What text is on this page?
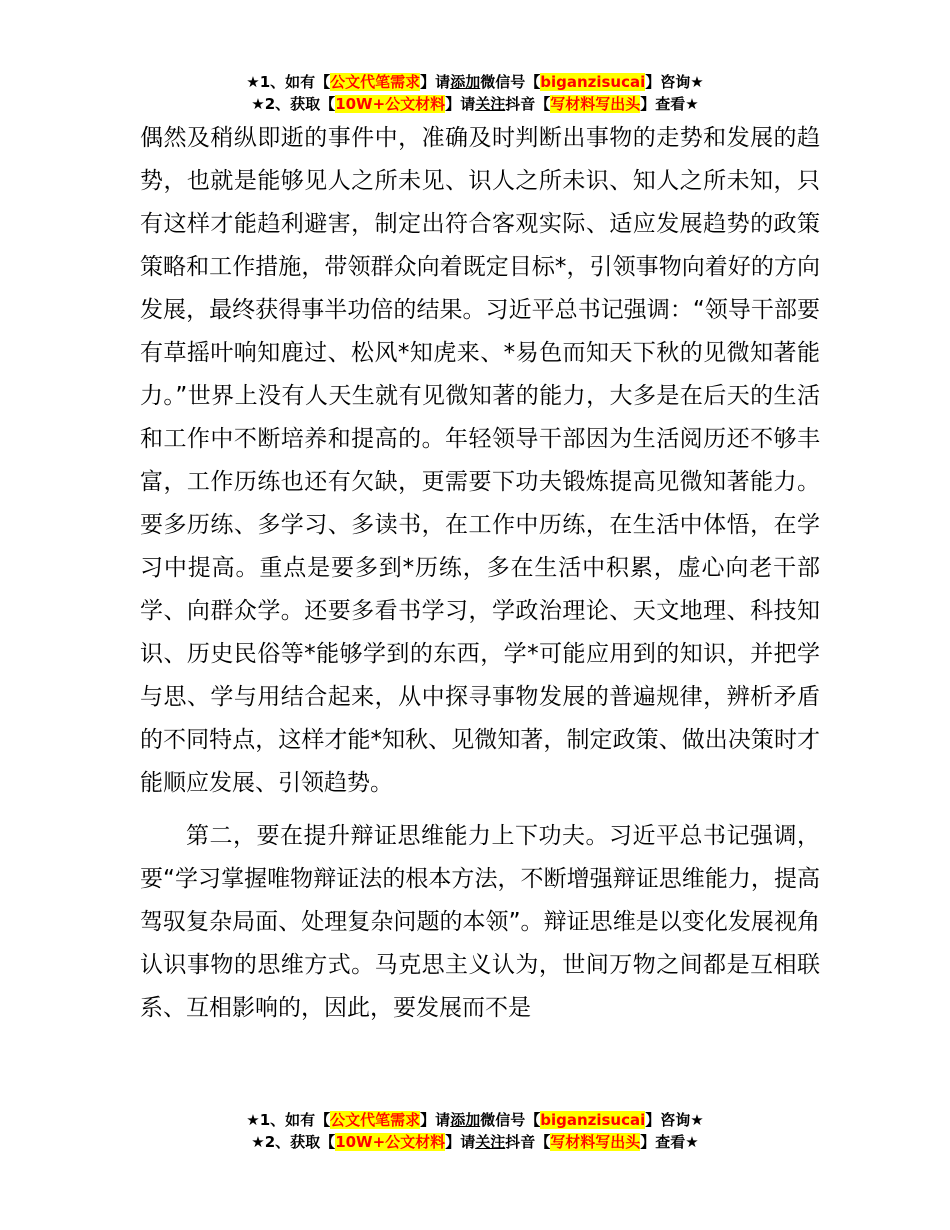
★1、如有【公文代笔需求】请添加微信号【biganzisucai】咨询★
★2、获取【10W+公文材料】请关注抖音【写材料写出头】查看★

偶然及稍纵即逝的事件中，准确及时判断出事物的走势和发展的趋势，也就是能够见人之所未见、识人之所未识、知人之所未知，只有这样才能趋利避害，制定出符合客观实际、适应发展趋势的政策策略和工作措施，带领群众向着既定目标*，引领事物向着好的方向发展，最终获得事半功倍的结果。习近平总书记强调：“领导干部要有草摇叶响知鹿过、松风*知虎来、*易色而知天下秋的见微知著能力。”世界上没有人天生就有见微知著的能力，大多是在后天的生活和工作中不断培养和提高的。年轻领导干部因为生活阅历还不够丰富，工作历练也还有欠缺，更需要下功夫锻炼提高见微知著能力。要多历练、多学习、多读书，在工作中历练，在生活中体悟，在学习中提高。重点是要多到*历练，多在生活中积累，虚心向老干部学、向群众学。还要多看书学习，学政治理论、天文地理、科技知识、历史民俗等*能够学到的东西，学*可能应用到的知识，并把学与思、学与用结合起来，从中探寻事物发展的普遍规律，辨析矛盾的不同特点，这样才能*知秋、见微知著，制定政策、做出决策时才能顺应发展、引领趋势。

第二，要在提升辩证思维能力上下功夫。习近平总书记强调，要“学习掌握唯物辩证法的根本方法，不断增强辩证思维能力，提高驾驭复杂局面、处理复杂问题的本领”。辩证思维是以变化发展视角认识事物的思维方式。马克思主义认为，世间万物之间都是互相联系、互相影响的，因此，要发展而不是

★1、如有【公文代笔需求】请添加微信号【biganzisucai】咨询★
★2、获取【10W+公文材料】请关注抖音【写材料写出头】查看★
